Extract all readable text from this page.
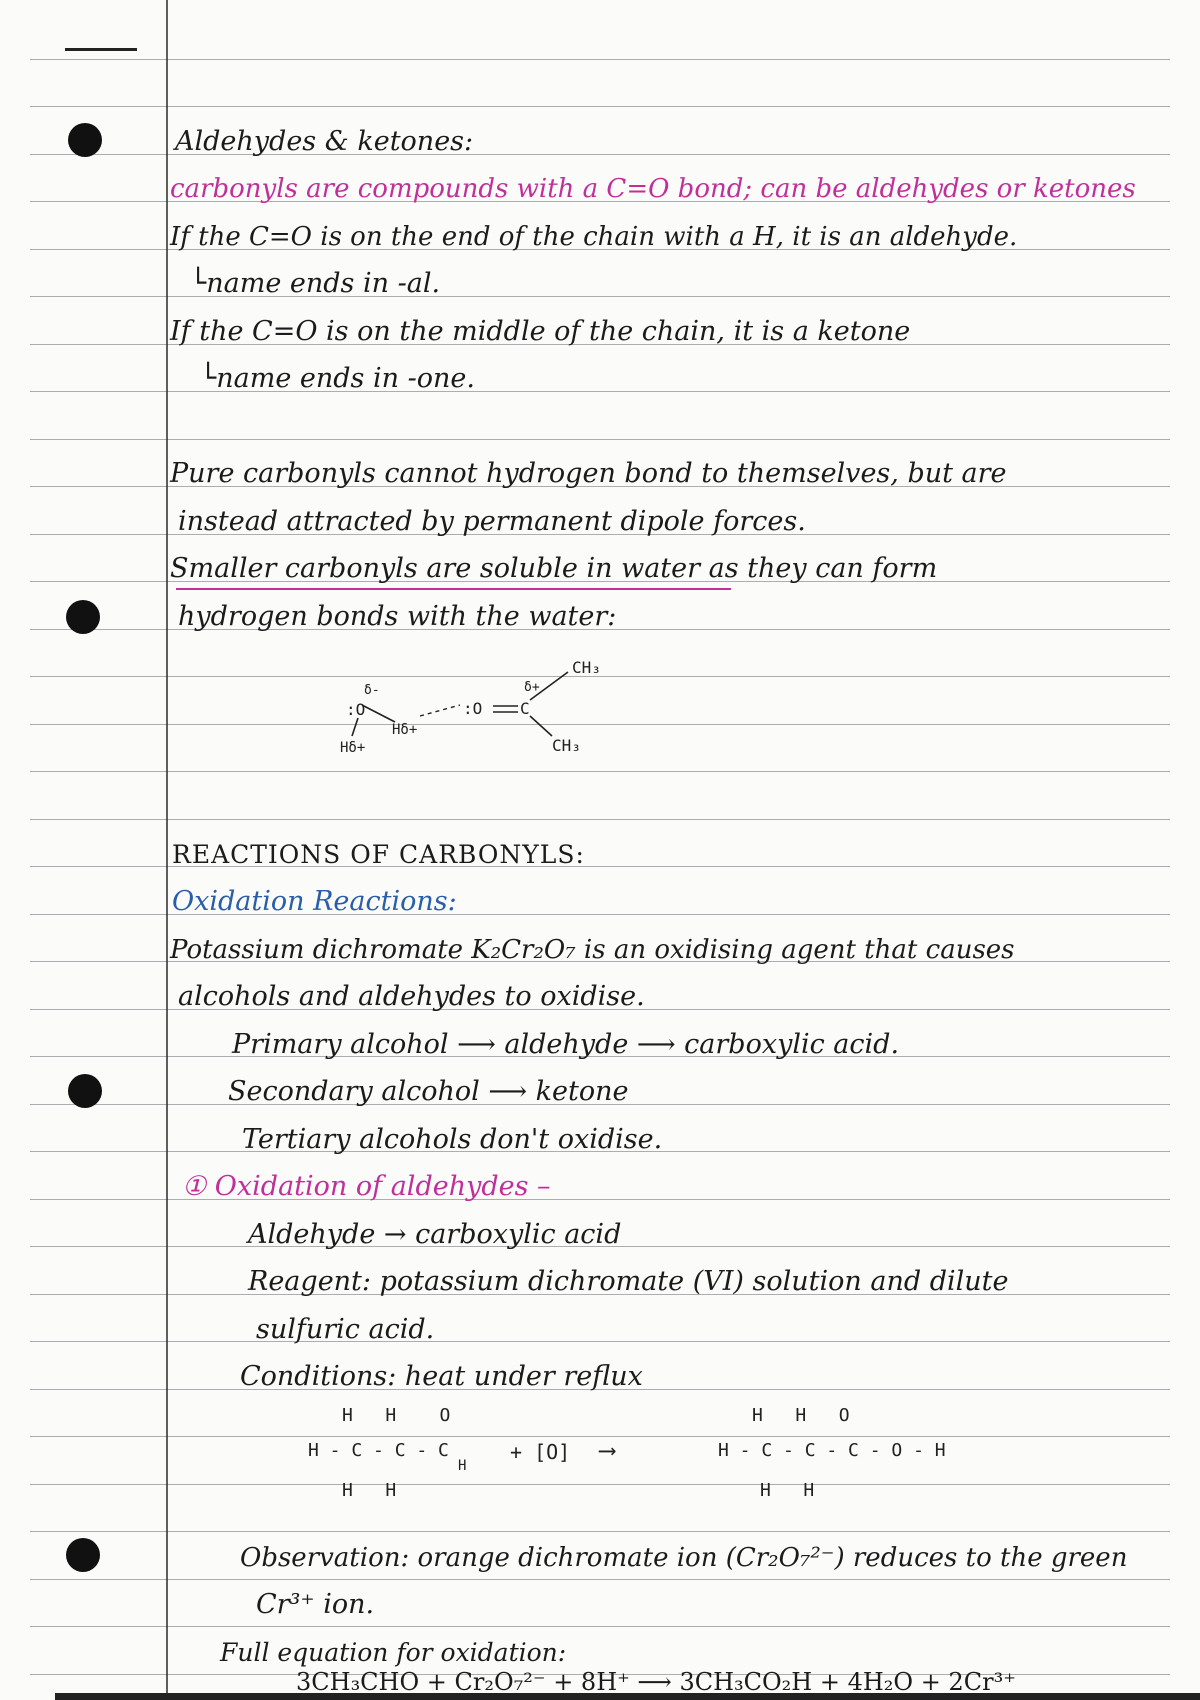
Aldehydes & ketones:
carbonyls are compounds with a C=O bond; can be aldehydes or ketones
If the C=O is on the end of the chain with a H, it is an aldehyde.
└name ends in -al.
If the C=O is on the middle of the chain, it is a ketone
└name ends in -one.
Pure carbonyls cannot hydrogen bond to themselves, but are
instead attracted by permanent dipole forces.
Smaller carbonyls are soluble in water as they can form
hydrogen bonds with the water:
:O
δ-
Hδ+
Hδ+
:O C
δ+
CH₃
CH₃
REACTIONS OF CARBONYLS:
Oxidation Reactions:
Potassium dichromate K₂Cr₂O₇ is an oxidising agent that causes
alcohols and aldehydes to oxidise.
Primary alcohol ⟶ aldehyde ⟶ carboxylic acid.
Secondary alcohol ⟶ ketone
Tertiary alcohols don't oxidise.
① Oxidation of aldehydes –
Aldehyde → carboxylic acid
Reagent: potassium dichromate (VI) solution and dilute
sulfuric acid.
Conditions: heat under reflux
H   H    O
H - C - C - C
H
H   H
+ [O] ⟶
H   H   O
H - C - C - C - O - H
H   H
Observation: orange dichromate ion (Cr₂O₇²⁻) reduces to the green
Cr³⁺ ion.
Full equation for oxidation:
3CH₃CHO + Cr₂O₇²⁻ + 8H⁺ ⟶ 3CH₃CO₂H + 4H₂O + 2Cr³⁺
